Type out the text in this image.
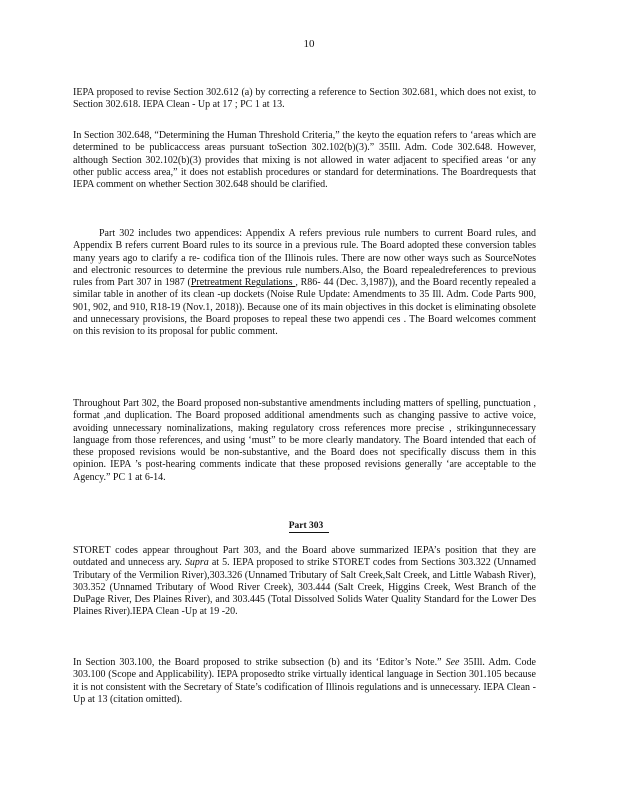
10

IEPA proposed to revise Section 302.612 (a) by correcting a reference to Section 302.681, which does not exist, to Section 302.618. IEPA Clean - Up at 17 ; PC 1 at 13.

In Section 302.648, “Determining the Human Threshold Criteria,” the keyto the equation refers to ‘areas which are determined to be publicaccess areas pursuant toSection 302.102(b)(3).” 35Ill. Adm. Code 302.648. However, although Section 302.102(b)(3) provides that mixing is not allowed in water adjacent to specified areas ‘or any other public access area,” it does not establish procedures or standard for determinations. The Boardrequests that IEPA comment on whether Section 302.648 should be clarified.

Part 302 includes two appendices: Appendix A refers previous rule numbers to current Board rules, and Appendix B refers current Board rules to its source in a previous rule. The Board adopted these conversion tables many years ago to clarify a re- codifica tion of the Illinois rules. There are now other ways such as SourceNotes and electronic resources to determine the previous rule numbers.Also, the Board repealedreferences to previous rules from Part 307 in 1987 (Pretreatment Regulations , R86- 44 (Dec. 3,1987)), and the Board recently repealed a similar table in another of its clean -up dockets (Noise Rule Update: Amendments to 35 Ill. Adm. Code Parts 900, 901, 902, and 910, R18-19 (Nov.1, 2018)). Because one of its main objectives in this docket is eliminating obsolete and unnecessary provisions, the Board proposes to repeal these two appendi ces . The Board welcomes comment on this revision to its proposal for public comment.

Throughout Part 302, the Board proposed non-substantive amendments including matters of spelling, punctuation , format ,and duplication. The Board proposed additional amendments such as changing passive to active voice, avoiding unnecessary nominalizations, making regulatory cross references more precise , strikingunnecessary language from those references, and using ‘must” to be more clearly mandatory. The Board intended that each of these proposed revisions would be non-substantive, and the Board does not specifically discuss them in this opinion. IEPA ’s post-hearing comments indicate that these proposed revisions generally ‘are acceptable to the Agency.” PC 1 at 6-14.

Part 303

STORET codes appear throughout Part 303, and the Board above summarized IEPA’s position that they are outdated and unnecess ary. Supra at 5. IEPA proposed to strike STORET codes from Sections 303.322 (Unnamed Tributary of the Vermilion River),303.326 (Unnamed Tributary of Salt Creek,Salt Creek, and Little Wabash River), 303.352 (Unnamed Tributary of Wood River Creek), 303.444 (Salt Creek, Higgins Creek, West Branch of the DuPage River, Des Plaines River), and 303.445 (Total Dissolved Solids Water Quality Standard for the Lower Des Plaines River).IEPA Clean -Up at 19 -20.

In Section 303.100, the Board proposed to strike subsection (b) and its ‘Editor’s Note.” See 35Ill. Adm. Code 303.100 (Scope and Applicability). IEPA proposedto strike virtually identical language in Section 301.105 because it is not consistent with the Secretary of State’s codification of Illinois regulations and is unnecessary. IEPA Clean -Up at 13 (citation omitted).
